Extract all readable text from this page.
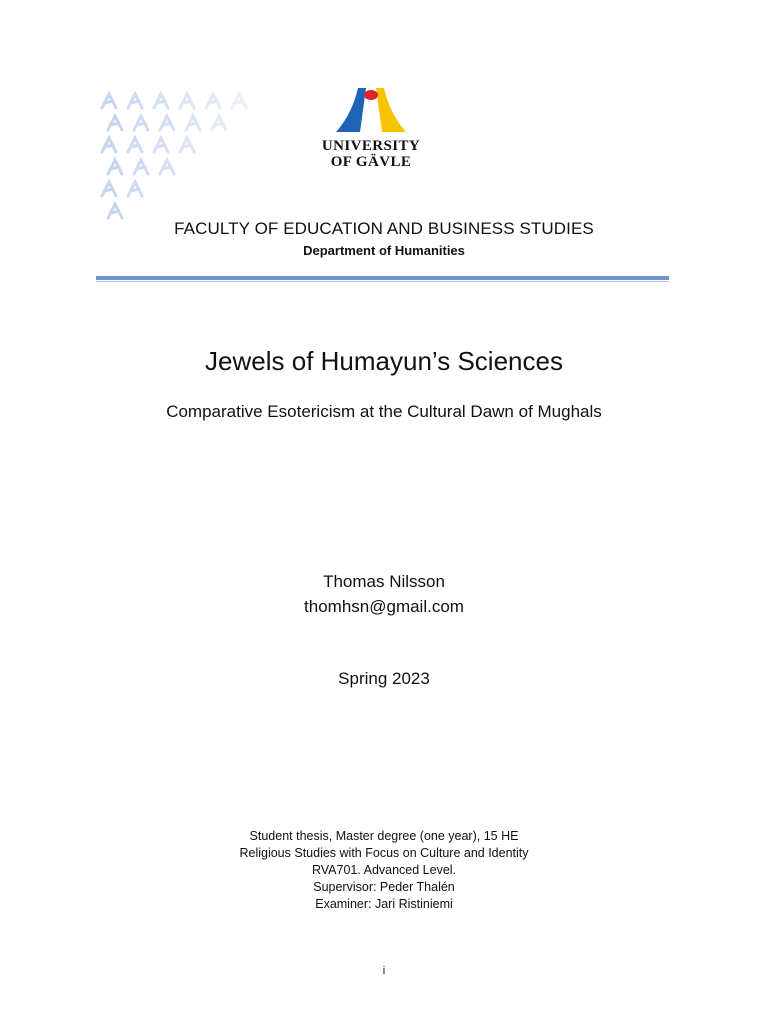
UNIVERSITY
OF GÄVLE
FACULTY OF EDUCATION AND BUSINESS STUDIES
Department of Humanities
Jewels of Humayun’s Sciences
Comparative Esotericism at the Cultural Dawn of Mughals
Thomas Nilsson
thomhsn@gmail.com
Spring 2023
Student thesis, Master degree (one year), 15 HE
Religious Studies with Focus on Culture and Identity
RVA701. Advanced Level.
Supervisor: Peder Thalén
Examiner: Jari Ristiniemi
i
